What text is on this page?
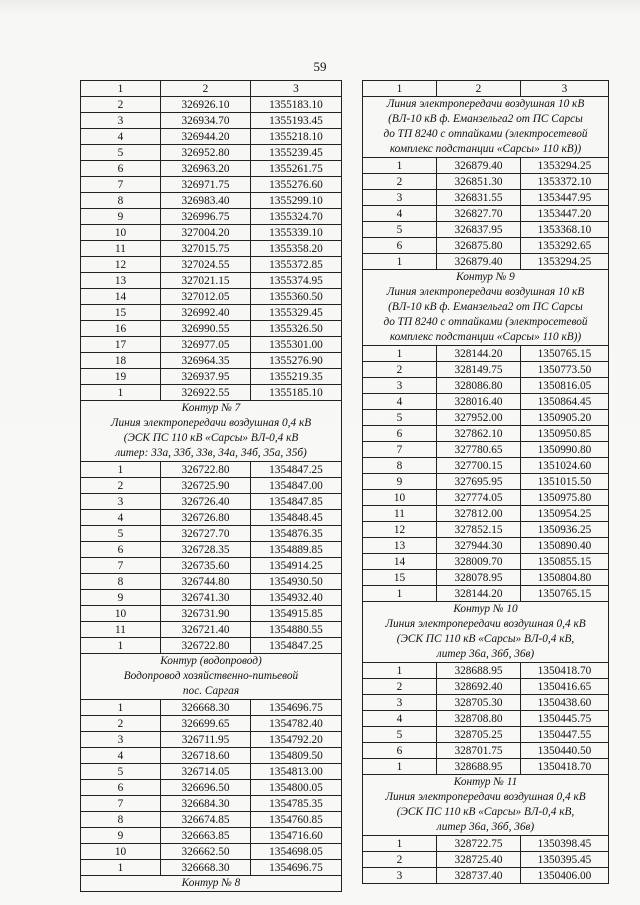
59
1	2	3
2	326926.10	1355183.10
3	326934.70	1355193.45
4	326944.20	1355218.10
5	326952.80	1355239.45
6	326963.20	1355261.75
7	326971.75	1355276.60
8	326983.40	1355299.10
9	326996.75	1355324.70
10	327004.20	1355339.10
11	327015.75	1355358.20
12	327024.55	1355372.85
13	327021.15	1355374.95
14	327012.05	1355360.50
15	326992.40	1355329.45
16	326990.55	1355326.50
17	326977.05	1355301.00
18	326964.35	1355276.90
19	326937.95	1355219.35
1	326922.55	1355185.10

Контур № 7
Линия электропередачи воздушная 0,4 кВ
(ЭСК ПС 110 кВ «Сарсы» ВЛ-0,4 кВ
литер: 33а, 33б, 33в, 34а, 34б, 35а, 35б)		

1	326722.80	1354847.25
2	326725.90	1354847.00
3	326726.40	1354847.85
4	326726.80	1354848.45
5	326727.70	1354876.35
6	326728.35	1354889.85
7	326735.60	1354914.25
8	326744.80	1354930.50
9	326741.30	1354932.40
10	326731.90	1354915.85
11	326721.40	1354880.55
1	326722.80	1354847.25

Контур (водопровод)
Водопровод хозяйственно-питьевой
пос. Саргая		

1	326668.30	1354696.75
2	326699.65	1354782.40
3	326711.95	1354792.20
4	326718.60	1354809.50
5	326714.05	1354813.00
6	326696.50	1354800.05
7	326684.30	1354785.35
8	326674.85	1354760.85
9	326663.85	1354716.60
10	326662.50	1354698.05
1	326668.30	1354696.75

Контур № 8		
1	2	3

Линия электропередачи воздушная 10 кВ
(ВЛ-10 кВ ф. Еманзельга2 от ПС Сарсы
до ТП 8240 с отпайками (электросетевой
комплекс подстанции «Сарсы» 110 кВ))		

1	326879.40	1353294.25
2	326851.30	1353372.10
3	326831.55	1353447.95
4	326827.70	1353447.20
5	326837.95	1353368.10
6	326875.80	1353292.65
1	326879.40	1353294.25

Контур № 9
Линия электропередачи воздушная 10 кВ
(ВЛ-10 кВ ф. Еманзельга2 от ПС Сарсы
до ТП 8240 с отпайками (электросетевой
комплекс подстанции «Сарсы» 110 кВ))		

1	328144.20	1350765.15
2	328149.75	1350773.50
3	328086.80	1350816.05
4	328016.40	1350864.45
5	327952.00	1350905.20
6	327862.10	1350950.85
7	327780.65	1350990.80
8	327700.15	1351024.60
9	327695.95	1351015.50
10	327774.05	1350975.80
11	327812.00	1350954.25
12	327852.15	1350936.25
13	327944.30	1350890.40
14	328009.70	1350855.15
15	328078.95	1350804.80
1	328144.20	1350765.15

Контур № 10
Линия электропередачи воздушная 0,4 кВ
(ЭСК ПС 110 кВ «Сарсы» ВЛ-0,4 кВ,
литер 36а, 36б, 36в)		

1	328688.95	1350418.70
2	328692.40	1350416.65
3	328705.30	1350438.60
4	328708.80	1350445.75
5	328705.25	1350447.55
6	328701.75	1350440.50
1	328688.95	1350418.70

Контур № 11
Линия электропередачи воздушная 0,4 кВ
(ЭСК ПС 110 кВ «Сарсы» ВЛ-0,4 кВ,
литер 36а, 36б, 36в)		

1	328722.75	1350398.45
2	328725.40	1350395.45
3	328737.40	1350406.00
